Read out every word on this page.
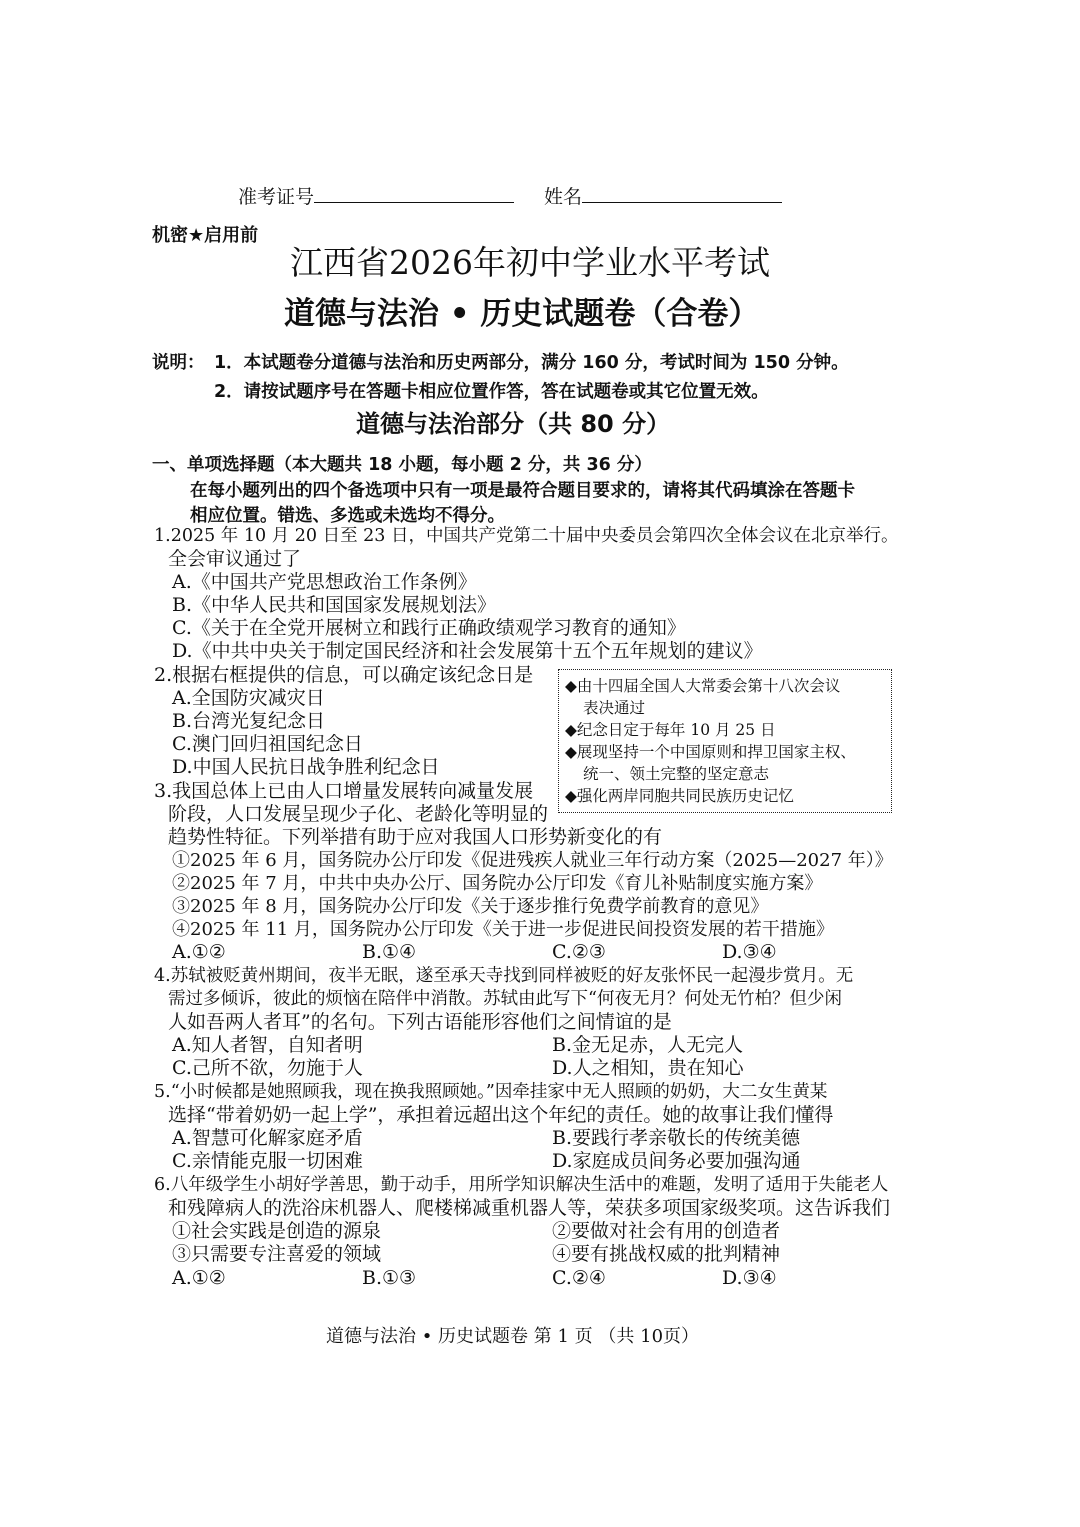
准考证号	姓名
机密★启用前
江西省2026年初中学业水平考试
道德与法治 • 历史试题卷（合卷）
说明： 1．本试题卷分道德与法治和历史两部分，满分 160 分，考试时间为 150 分钟。
2．请按试题序号在答题卡相应位置作答，答在试题卷或其它位置无效。
道德与法治部分（共 80 分）
一、单项选择题（本大题共 18 小题，每小题 2 分，共 36 分）
在每小题列出的四个备选项中只有一项是最符合题目要求的，请将其代码填涂在答题卡
相应位置。错选、多选或未选均不得分。
1.2025 年 10 月 20 日至 23 日，中国共产党第二十届中央委员会第四次全体会议在北京举行。
全会审议通过了
A.《中国共产党思想政治工作条例》
B.《中华人民共和国国家发展规划法》
C.《关于在全党开展树立和践行正确政绩观学习教育的通知》
D.《中共中央关于制定国民经济和社会发展第十五个五年规划的建议》
2.根据右框提供的信息，可以确定该纪念日是
A.全国防灾减灾日
B.台湾光复纪念日
C.澳门回归祖国纪念日
D.中国人民抗日战争胜利纪念日
◆由十四届全国人大常委会第十八次会议
表决通过
◆纪念日定于每年 10 月 25 日
◆展现坚持一个中国原则和捍卫国家主权、
统一、领土完整的坚定意志
◆强化两岸同胞共同民族历史记忆
3.我国总体上已由人口增量发展转向减量发展
阶段，人口发展呈现少子化、老龄化等明显的
趋势性特征。下列举措有助于应对我国人口形势新变化的有
①2025 年 6 月，国务院办公厅印发《促进残疾人就业三年行动方案（2025—2027 年）》
②2025 年 7 月，中共中央办公厅、国务院办公厅印发《育儿补贴制度实施方案》
③2025 年 8 月，国务院办公厅印发《关于逐步推行免费学前教育的意见》
④2025 年 11 月，国务院办公厅印发《关于进一步促进民间投资发展的若干措施》
A.①②	B.①④	C.②③	D.③④
4.苏轼被贬黄州期间，夜半无眠，遂至承天寺找到同样被贬的好友张怀民一起漫步赏月。无
需过多倾诉，彼此的烦恼在陪伴中消散。苏轼由此写下“何夜无月？何处无竹柏？但少闲
人如吾两人者耳”的名句。下列古语能形容他们之间情谊的是
A.知人者智，自知者明	B.金无足赤，人无完人
C.己所不欲，勿施于人	D.人之相知，贵在知心
5.“小时候都是她照顾我，现在换我照顾她。”因牵挂家中无人照顾的奶奶，大二女生黄某
选择“带着奶奶一起上学”，承担着远超出这个年纪的责任。她的故事让我们懂得
A.智慧可化解家庭矛盾	B.要践行孝亲敬长的传统美德
C.亲情能克服一切困难	D.家庭成员间务必要加强沟通
6.八年级学生小胡好学善思，勤于动手，用所学知识解决生活中的难题，发明了适用于失能老人
和残障病人的洗浴床机器人、爬楼梯减重机器人等，荣获多项国家级奖项。这告诉我们
①社会实践是创造的源泉	②要做对社会有用的创造者
③只需要专注喜爱的领域	④要有挑战权威的批判精神
A.①②	B.①③	C.②④	D.③④
道德与法治 • 历史试题卷 第 1 页 （共 10页）
